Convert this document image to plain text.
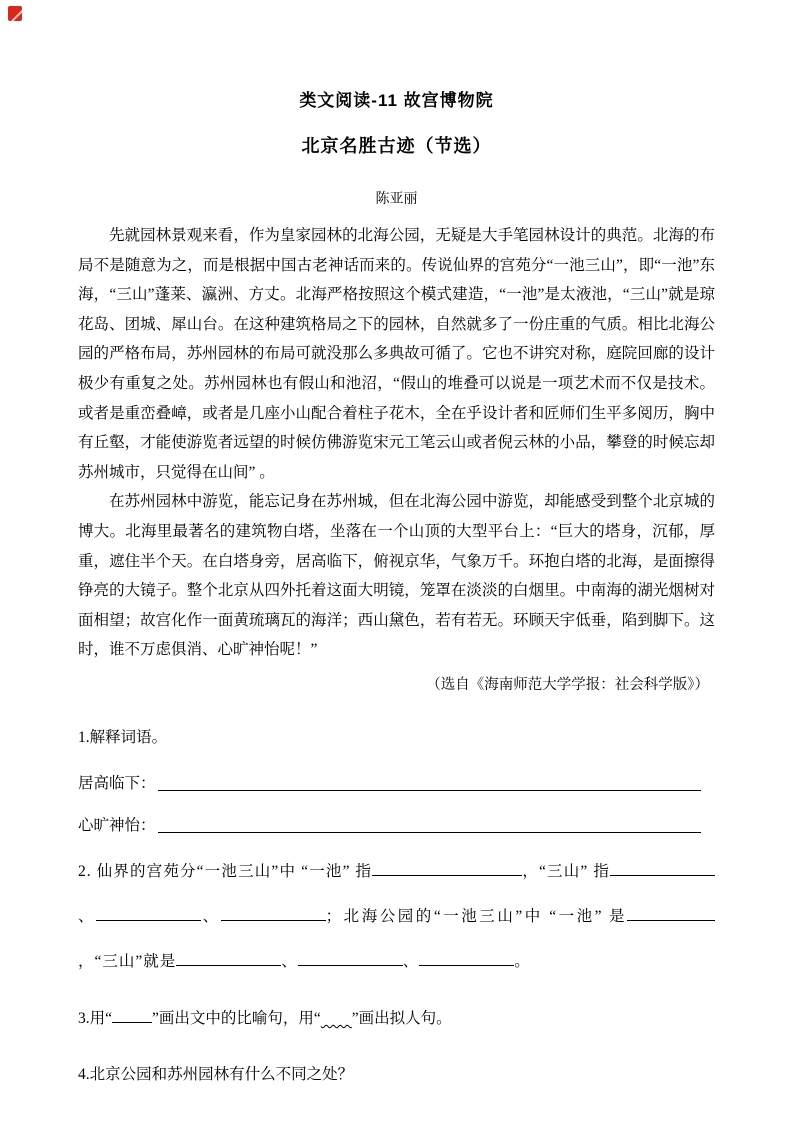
类文阅读-11 故宫博物院
北京名胜古迹（节选）
陈亚丽

先就园林景观来看，作为皇家园林的北海公园，无疑是大手笔园林设计的典范。北海的布局不是随意为之，而是根据中国古老神话而来的。传说仙界的宫苑分“一池三山”，即“一池”东海，“三山”蓬莱、瀛洲、方丈。北海严格按照这个模式建造，“一池”是太液池，“三山”就是琼花岛、团城、犀山台。在这种建筑格局之下的园林，自然就多了一份庄重的气质。相比北海公园的严格布局，苏州园林的布局可就没那么多典故可循了。它也不讲究对称，庭院回廊的设计极少有重复之处。苏州园林也有假山和池沼，“假山的堆叠可以说是一项艺术而不仅是技术。或者是重峦叠嶂，或者是几座小山配合着柱子花木，全在乎设计者和匠师们生平多阅历，胸中有丘壑，才能使游览者远望的时候仿佛游览宋元工笔云山或者倪云林的小品，攀登的时候忘却苏州城市，只觉得在山间” 。

在苏州园林中游览，能忘记身在苏州城，但在北海公园中游览，却能感受到整个北京城的博大。北海里最著名的建筑物白塔，坐落在一个山顶的大型平台上：“巨大的塔身，沉郁，厚重，遮住半个天。在白塔身旁，居高临下，俯视京华，气象万千。环抱白塔的北海，是面擦得铮亮的大镜子。整个北京从四外托着这面大明镜，笼罩在淡淡的白烟里。中南海的湖光烟树对面相望；故宫化作一面黄琉璃瓦的海洋；西山黛色，若有若无。环顾天宇低垂，陷到脚下。这时，谁不万虑俱消、心旷神怡呢！”

（选自《海南师范大学学报：社会科学版》）
1.解释词语。
居高临下：
心旷神怡：

2. 仙界的宫苑分“一池三山”中 “一池” 指	，“三山” 指、	、	；北海公园的“一池三山”中 “一池” 是，“三山”就是	、	、	。

3.用“	”画出文中的比喻句，用“ ”画出拟人句。

4.北京公园和苏州园林有什么不同之处？
